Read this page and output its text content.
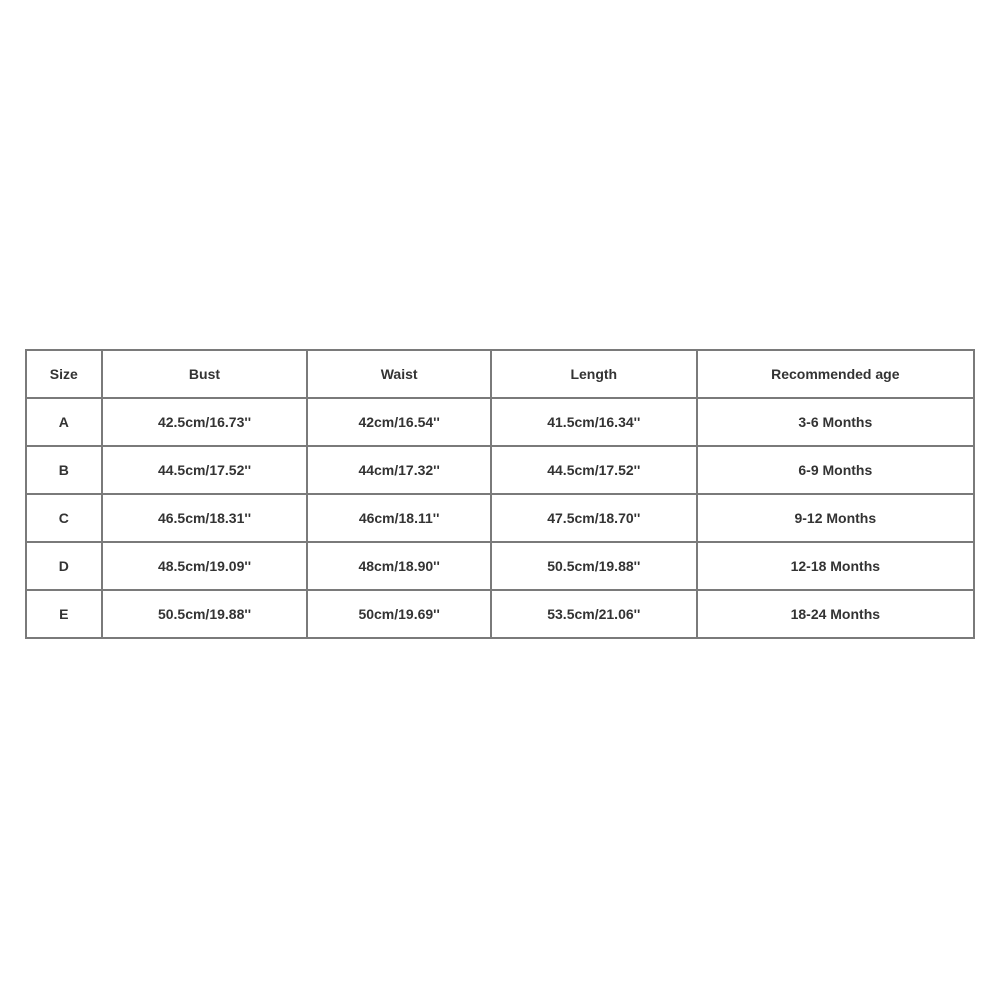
Size	Bust	Waist	Length	Recommended age
A	42.5cm/16.73''	42cm/16.54''	41.5cm/16.34''	3-6 Months
B	44.5cm/17.52''	44cm/17.32''	44.5cm/17.52''	6-9 Months
C	46.5cm/18.31''	46cm/18.11''	47.5cm/18.70''	9-12 Months
D	48.5cm/19.09''	48cm/18.90''	50.5cm/19.88''	12-18 Months
E	50.5cm/19.88''	50cm/19.69''	53.5cm/21.06''	18-24 Months
